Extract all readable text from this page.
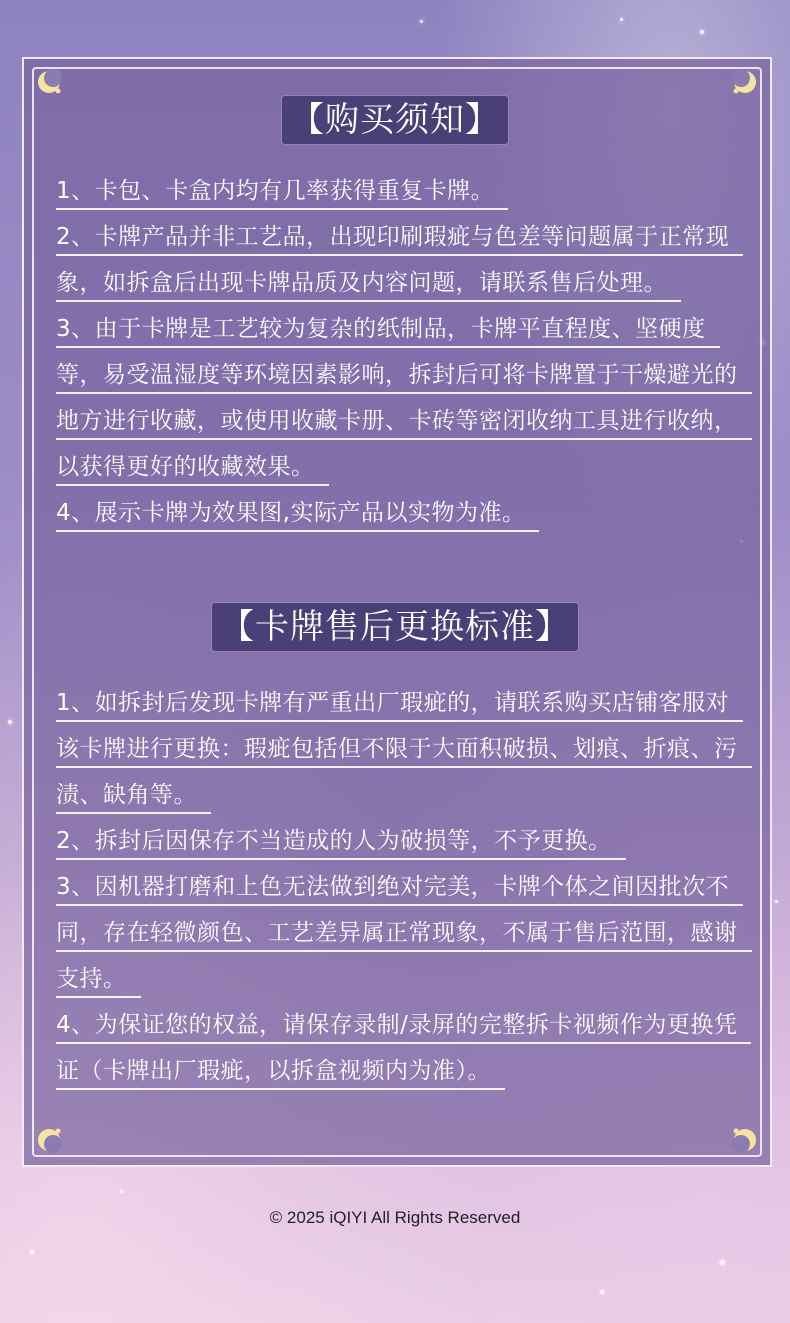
【购买须知】
1、卡包、卡盒内均有几率获得重复卡牌。
2、卡牌产品并非工艺品，出现印刷瑕疵与色差等问题属于正常现象，如拆盒后出现卡牌品质及内容问题，请联系售后处理。
3、由于卡牌是工艺较为复杂的纸制品，卡牌平直程度、坚硬度等，易受温湿度等环境因素影响，拆封后可将卡牌置于干燥避光的地方进行收藏，或使用收藏卡册、卡砖等密闭收纳工具进行收纳，以获得更好的收藏效果。
4、展示卡牌为效果图,实际产品以实物为准。
【卡牌售后更换标准】
1、如拆封后发现卡牌有严重出厂瑕疵的，请联系购买店铺客服对该卡牌进行更换：瑕疵包括但不限于大面积破损、划痕、折痕、污渍、缺角等。
2、拆封后因保存不当造成的人为破损等，不予更换。
3、因机器打磨和上色无法做到绝对完美，卡牌个体之间因批次不同，存在轻微颜色、工艺差异属正常现象，不属于售后范围，感谢支持。
4、为保证您的权益，请保存录制/录屏的完整拆卡视频作为更换凭证（卡牌出厂瑕疵，以拆盒视频内为准）。
© 2025 iQIYI All Rights Reserved
